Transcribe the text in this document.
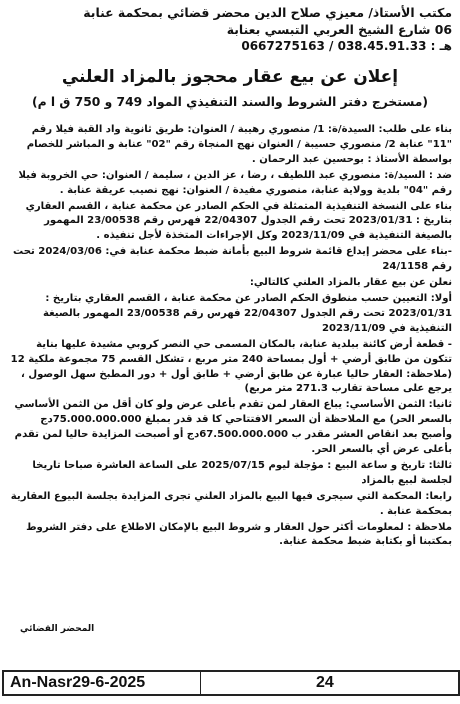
مكتب الأستاذ/ معيزي صلاح الدين محضر قضائي بمحكمة عنابة
06 شارع الشيخ العربي التبسي بعنابة
هـ : 038.45.91.33 / 0667275163
إعلان عن بيع عقار محجوز بالمزاد العلني
(مستخرج دفتر الشروط والسند التنفيذي المواد 749 و 750 ق ا م)

بناء على طلب: السيدة/ة: 1/ منصوري رهيبة / العنوان: طريق ثانوية واد القبة فيلا رقم "11" عنابة 2/ منصوري حسيبة / العنوان نهج المنجاة رقم "02" عنابة و المباشر للخصام بواسطة الأستاذ : بوحسين عبد الرحمان .

ضد : السيد/ة: منصوري عبد اللطيف ، رضا ، عز الدين ، سليمة / العنوان: حي الخروبة فيلا رقم "04" بلدية وولاية عنابة، منصوري مفيدة / العنوان: نهج نصيب عريقة عنابة .

بناء على النسخة التنفيذية المتمثلة في الحكم الصادر عن محكمة عنابة ، القسم العقاري بتاريخ : 2023/01/31 تحت رقم الجدول 22/04307 فهرس رقم 23/00538 المهمور بالصيغة التنفيذية في 2023/11/09 وكل الإجراءات المتخذة لأجل تنفيذه .

-بناء على محضر إيداع قائمة شروط البيع بأمانة ضبط محكمة عنابة في: 2024/03/06 تحت رقم 24/1158

نعلن عن بيع عقار بالمزاد العلني كالتالي:

أولا: التعيين حسب منطوق الحكم الصادر عن محكمة عنابة ، القسم العقاري بتاريخ : 2023/01/31 تحت رقم الجدول 22/04307 فهرس رقم 23/00538 المهمور بالصيغة التنفيذية في 2023/11/09

- قطعة أرض كائنة ببلدية عنابة، بالمكان المسمى حي النصر كروبي مشيدة عليها بناية تتكون من طابق أرضي + أول بمساحة 240 متر مربع ، تشكل القسم 75 مجموعة ملكية 12 (ملاحظة: العقار حاليا عبارة عن طابق أرضي + طابق أول + دور المطبخ سهل الوصول ، يرجع على مساحة تقارب 271.3 متر مربع)

ثانيا: الثمن الأساسي: يباع العقار لمن تقدم بأعلى عرض ولو كان أقل من الثمن الأساسي بالسعر الحر) مع الملاحظة أن السعر الافتتاحي كا قد قدر بمبلغ 75.000.000.000دج وأصبح بعد انقاص العشر مقدر ب 67.500.000.000دج أو أصبحت المزايدة حاليا لمن تقدم بأعلى عرض أي بالسعر الحر.

ثالثا: تاريخ و ساعة البيع : مؤجلة ليوم 2025/07/15 على الساعة العاشرة صباحا تاريخا لجلسة لبيع بالمزاد

رابعا: المحكمة التي سيجرى فيها البيع بالمزاد العلني تجرى المزايدة بجلسة البيوع العقارية بمحكمة عنابة .

ملاحظة : لمعلومات أكثر حول العقار و شروط البيع بالإمكان الاطلاع على دفتر الشروط بمكتبنا أو بكتابة ضبط محكمة عنابة.

المحضر القضائي
An-Nasr29-6-2025	24
